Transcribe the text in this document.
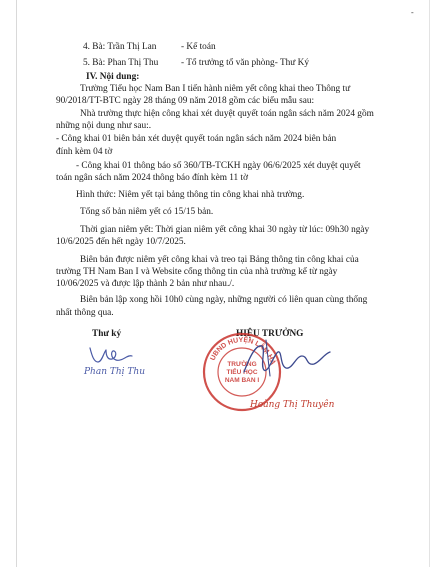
-
4. Bà: Trần Thị Lan	- Kế toán
5. Bà: Phan Thị Thu - Tổ trưởng tổ văn phòng- Thư Ký
IV. Nội dung:
Trường Tiểu học Nam Ban I tiến hành niêm yết công khai theo Thông tư
90/2018/TT-BTC ngày 28 tháng 09 năm 2018 gồm các biểu mẫu sau:
Nhà trường thực hiện công khai xét duyệt quyết toán ngân sách năm 2024 gồm
những nội dung như sau:.
- Công khai 01 biên bản xét duyệt quyết toán ngân sách năm 2024 biên bản
đính kèm 04 tờ
- Công khai 01 thông báo số 360/TB-TCKH ngày 06/6/2025 xét duyệt quyết
toán ngân sách năm 2024 thông báo đính kèm 11 tờ
Hình thức: Niêm yết tại bảng thông tin công khai nhà trường.
Tổng số bản niêm yết có 15/15 bản.
Thời gian niêm yết: Thời gian niêm yết công khai 30 ngày từ lúc: 09h30 ngày
10/6/2025 đến hết ngày 10/7/2025.
Biên bản được niêm yết công khai và treo tại Bảng thông tin công khai của
trường TH Nam Ban I và Website cổng thông tin của nhà trường kể từ ngày
10/06/2025 và được lập thành 2 bản như nhau./.
Biên bản lập xong hồi 10h0 cùng ngày, những người có liên quan cùng thống
nhất thông qua.
Thư ký	HIỆU TRƯỞNG
Phan Thị Thu
UBND HUYỆN LÂM HÀ
TRƯỜNG
TIỂU HỌC
NAM BAN I
Hoàng Thị Thuyên
